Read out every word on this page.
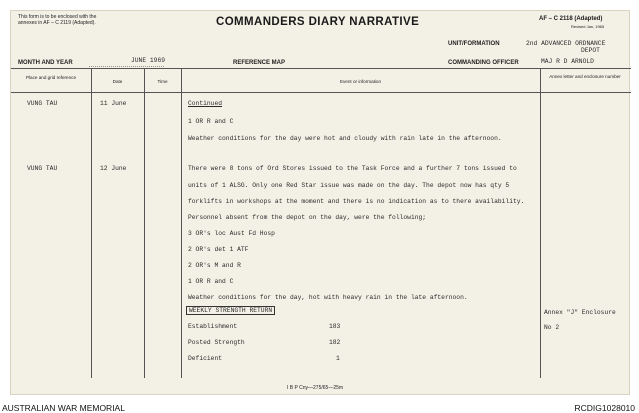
This form is to be enclosed with the annexes in AF – C 2119 (Adapted).	COMMANDERS DIARY NARRATIVE	AF – C 2118 (Adapted)
Revised Jan, 1965
UNIT/FORMATION	2nd ADVANCED ORDNANCE
DEPOT
MONTH AND YEAR	JUNE 1969	REFERENCE MAP	COMMANDING OFFICER	MAJ R D ARNOLD
Place and grid reference
Date	Time	Event or information
Annex letter and enclosure number
VUNG TAU	11 June	Continued
1 OR R and C
Weather conditions for the day were hot and cloudy with rain late in the afternoon.
VUNG TAU	12 June	There were 8 tons of Ord Stores issued to the Task Force and a further 7 tons issued to
units of 1 ALSG. Only one Red Star issue was made on the day. The depot now has qty 5
forklifts in workshops at the moment and there is no indication as to there availability.
Personnel absent from the depot on the day, were the following;
3 OR's loc Aust Fd Hosp
2 OR's det 1 ATF
2 OR's M and R
1 OR R and C
Weather conditions for the day, hot with heavy rain in the late afternoon.
WEEKLY STRENGTH RETURN
Establishment	183
Posted Strength	182
Deficient	1
Annex "J" Enclosure
No 2
I B P Cny—275/65—25m
AUSTRALIAN WAR MEMORIAL	RCDIG1028010
